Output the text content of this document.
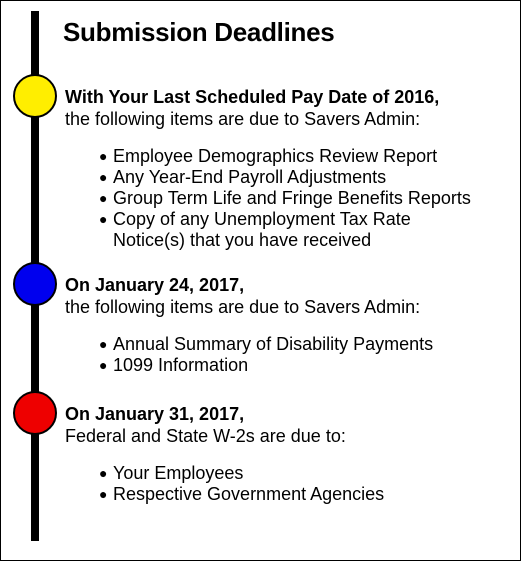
Submission Deadlines
With Your Last Scheduled Pay Date of 2016,
the following items are due to Savers Admin:
● Employee Demographics Review Report
● Any Year-End Payroll Adjustments
● Group Term Life and Fringe Benefits Reports
● Copy of any Unemployment Tax Rate
Notice(s) that you have received
On January 24, 2017,
the following items are due to Savers Admin:
● Annual Summary of Disability Payments
● 1099 Information
On January 31, 2017,
Federal and State W-2s are due to:
● Your Employees
● Respective Government Agencies
